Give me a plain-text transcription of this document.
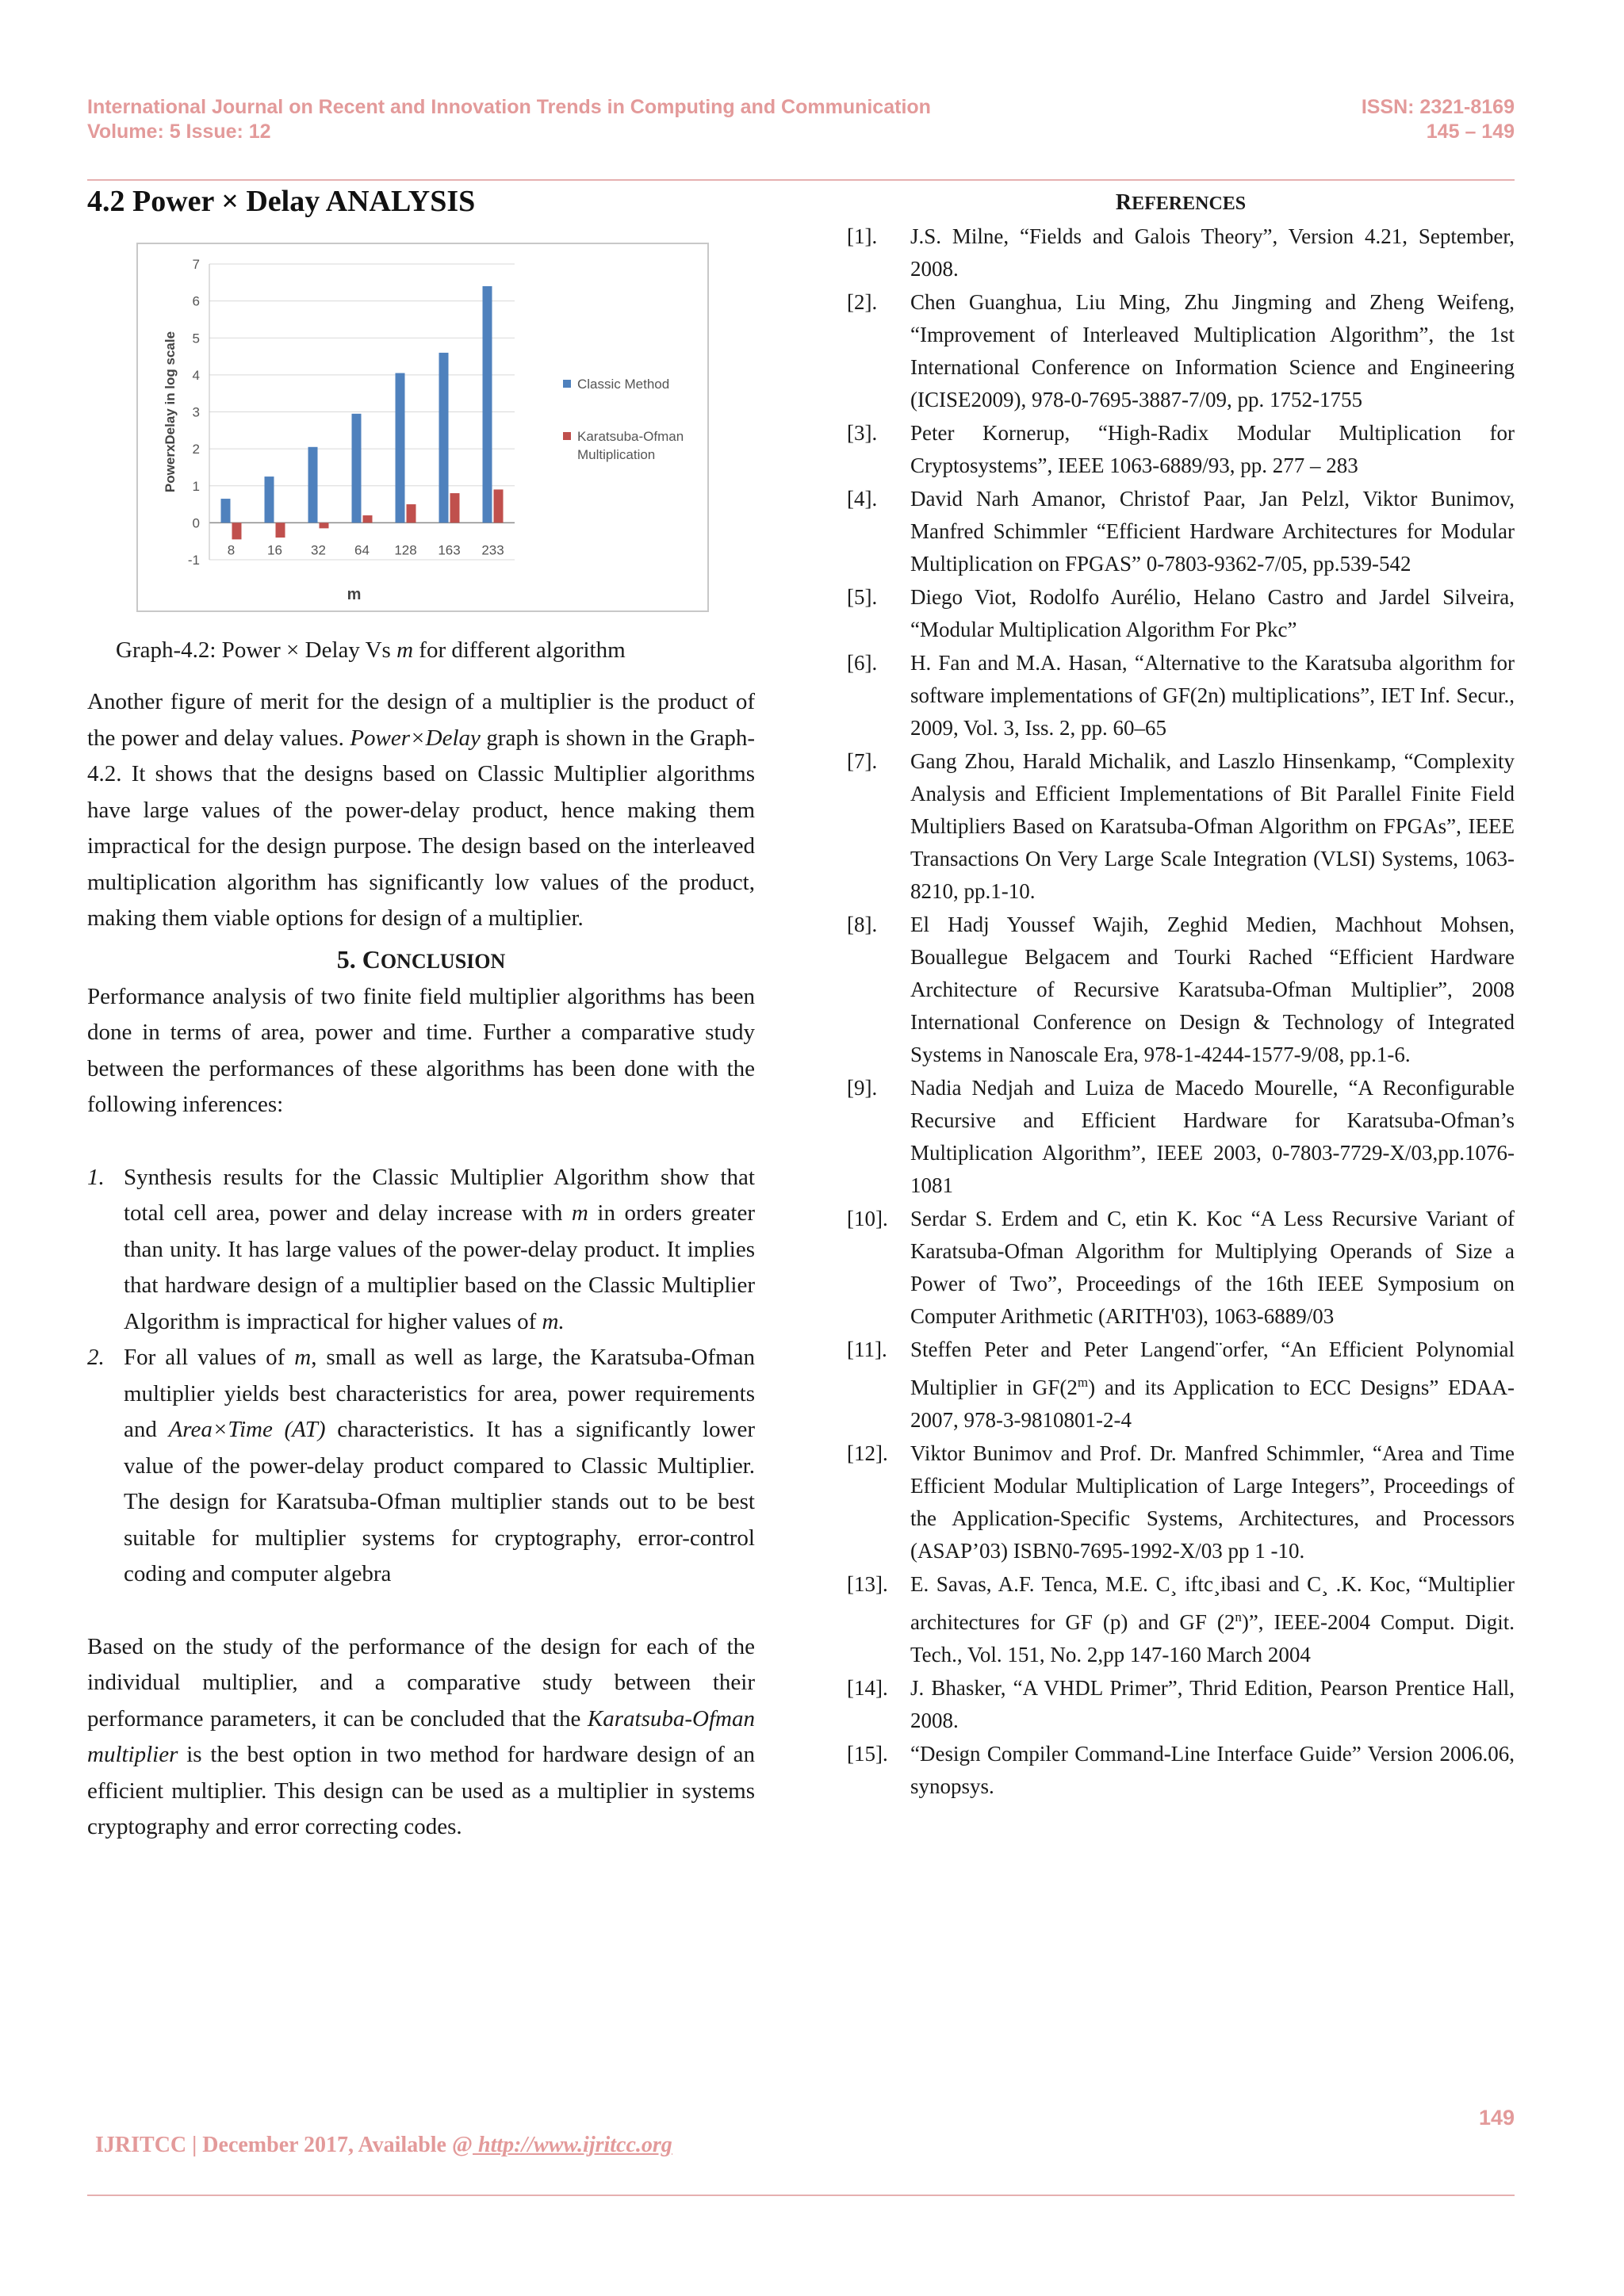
International Journal on Recent and Innovation Trends in Computing and Communication
Volume: 5 Issue: 12
ISSN: 2321-8169
145 – 149
4.2 Power × Delay ANALYSIS
-1
0
1
2
3
4
5
6
7
8 16 32 64 128 163 233
m
PowerxDelay in log scale	Classic Method
Karatsuba-Ofman
Multiplication
Graph-4.2: Power × Delay Vs m for different algorithm

Another figure of merit for the design of a multiplier is the product of the power and delay values. Power×Delay graph is shown in the Graph-4.2. It shows that the designs based on Classic Multiplier algorithms have large values of the power-delay product, hence making them impractical for the design purpose. The design based on the interleaved multiplication algorithm has significantly low values of the product, making them viable options for design of a multiplier.

5. CONCLUSION

Performance analysis of two finite field multiplier algorithms has been done in terms of area, power and time. Further a comparative study between the performances of these algorithms has been done with the following inferences:

1. Synthesis results for the Classic Multiplier Algorithm show that total cell area, power and delay increase with m in orders greater than unity. It has large values of the power-delay product. It implies that hardware design of a multiplier based on the Classic Multiplier Algorithm is impractical for higher values of m.
2. For all values of m, small as well as large, the Karatsuba-Ofman multiplier yields best characteristics for area, power requirements and Area×Time (AT) characteristics. It has a significantly lower value of the power-delay product compared to Classic Multiplier. The design for Karatsuba-Ofman multiplier stands out to be best suitable for multiplier systems for cryptography, error-control coding and computer algebra

Based on the study of the performance of the design for each of the individual multiplier, and a comparative study between their performance parameters, it can be concluded that the Karatsuba-Ofman multiplier is the best option in two method for hardware design of an efficient multiplier. This design can be used as a multiplier in systems cryptography and error correcting codes.

REFERENCES
[1]. J.S. Milne, “Fields and Galois Theory”, Version 4.21, September, 2008.
[2]. Chen Guanghua, Liu Ming, Zhu Jingming and Zheng Weifeng, “Improvement of Interleaved Multiplication Algorithm”, the 1st International Conference on Information Science and Engineering (ICISE2009), 978-0-7695-3887-7/09, pp. 1752-1755
[3]. Peter Kornerup, “High-Radix Modular Multiplication for Cryptosystems”, IEEE 1063-6889/93, pp. 277 – 283
[4]. David Narh Amanor, Christof Paar, Jan Pelzl, Viktor Bunimov, Manfred Schimmler “Efficient Hardware Architectures for Modular Multiplication on FPGAS” 0-7803-9362-7/05, pp.539-542
[5]. Diego Viot, Rodolfo Aurélio, Helano Castro and Jardel Silveira, “Modular Multiplication Algorithm For Pkc”
[6]. H. Fan and M.A. Hasan, “Alternative to the Karatsuba algorithm for software implementations of GF(2n) multiplications”, IET Inf. Secur., 2009, Vol. 3, Iss. 2, pp. 60–65
[7]. Gang Zhou, Harald Michalik, and Laszlo Hinsenkamp, “Complexity Analysis and Efficient Implementations of Bit Parallel Finite Field Multipliers Based on Karatsuba-Ofman Algorithm on FPGAs”, IEEE Transactions On Very Large Scale Integration (VLSI) Systems, 1063-8210, pp.1-10.
[8]. El Hadj Youssef Wajih, Zeghid Medien, Machhout Mohsen, Bouallegue Belgacem and Tourki Rached “Efficient Hardware Architecture of Recursive Karatsuba-Ofman Multiplier”, 2008 International Conference on Design & Technology of Integrated Systems in Nanoscale Era, 978-1-4244-1577-9/08, pp.1-6.
[9]. Nadia Nedjah and Luiza de Macedo Mourelle, “A Reconfigurable Recursive and Efficient Hardware for Karatsuba-Ofman’s Multiplication Algorithm”, IEEE 2003, 0-7803-7729-X/03,pp.1076-1081
[10]. Serdar S. Erdem and C, etin K. Koc “A Less Recursive Variant of Karatsuba-Ofman Algorithm for Multiplying Operands of Size a Power of Two”, Proceedings of the 16th IEEE Symposium on Computer Arithmetic (ARITH'03), 1063-6889/03
[11]. Steffen Peter and Peter Langend¨orfer, “An Efficient Polynomial Multiplier in GF(2$^m$) and its Application to ECC Designs” EDAA-2007, 978-3-9810801-2-4
[12]. Viktor Bunimov and Prof. Dr. Manfred Schimmler, “Area and Time Efficient Modular Multiplication of Large Integers”, Proceedings of the Application-Specific Systems, Architectures, and Processors (ASAP’03) ISBN0-7695-1992-X/03 pp 1 -10.
[13]. E. Savas, A.F. Tenca, M.E. C¸ iftc¸ibasi and C¸ .K. Koc, “Multiplier architectures for GF (p) and GF (2$^n$)”, IEEE-2004 Comput. Digit. Tech., Vol. 151, No. 2,pp 147-160 March 2004
[14]. J. Bhasker, “A VHDL Primer”, Thrid Edition, Pearson Prentice Hall, 2008.
[15]. “Design Compiler Command-Line Interface Guide” Version 2006.06, synopsys.
149
IJRITCC | December 2017, Available @ http://www.ijritcc.org
